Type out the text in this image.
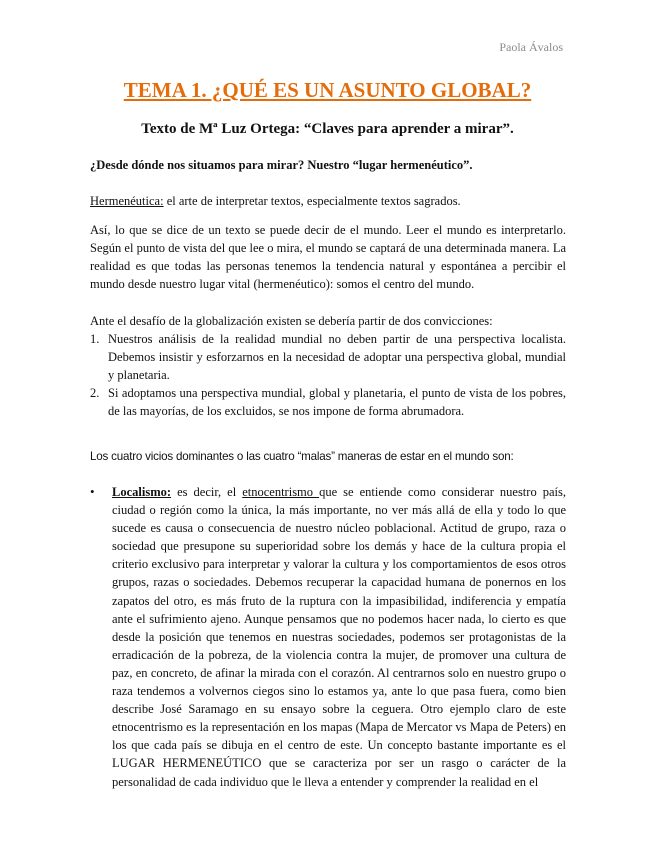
Paola Ávalos
TEMA 1. ¿QUÉ ES UN ASUNTO GLOBAL?
Texto de Mª Luz Ortega: “Claves para aprender a mirar”.
¿Desde dónde nos situamos para mirar? Nuestro “lugar hermenéutico”.
Hermenéutica: el arte de interpretar textos, especialmente textos sagrados.
Así, lo que se dice de un texto se puede decir de el mundo. Leer el mundo es interpretarlo. Según el punto de vista del que lee o mira, el mundo se captará de una determinada manera. La realidad es que todas las personas tenemos la tendencia natural y espontánea a percibir el mundo desde nuestro lugar vital (hermenéutico): somos el centro del mundo.
Ante el desafío de la globalización existen se debería partir de dos convicciones:
1. Nuestros análisis de la realidad mundial no deben partir de una perspectiva localista. Debemos insistir y esforzarnos en la necesidad de adoptar una perspectiva global, mundial y planetaria.
2. Si adoptamos una perspectiva mundial, global y planetaria, el punto de vista de los pobres, de las mayorías, de los excluidos, se nos impone de forma abrumadora.
Los cuatro vicios dominantes o las cuatro “malas” maneras de estar en el mundo son:
• Localismo: es decir, el etnocentrismo que se entiende como considerar nuestro país, ciudad o región como la única, la más importante, no ver más allá de ella y todo lo que sucede es causa o consecuencia de nuestro núcleo poblacional. Actitud de grupo, raza o sociedad que presupone su superioridad sobre los demás y hace de la cultura propia el criterio exclusivo para interpretar y valorar la cultura y los comportamientos de esos otros grupos, razas o sociedades. Debemos recuperar la capacidad humana de ponernos en los zapatos del otro, es más fruto de la ruptura con la impasibilidad, indiferencia y empatía ante el sufrimiento ajeno. Aunque pensamos que no podemos hacer nada, lo cierto es que desde la posición que tenemos en nuestras sociedades, podemos ser protagonistas de la erradicación de la pobreza, de la violencia contra la mujer, de promover una cultura de paz, en concreto, de afinar la mirada con el corazón. Al centrarnos solo en nuestro grupo o raza tendemos a volvernos ciegos sino lo estamos ya, ante lo que pasa fuera, como bien describe José Saramago en su ensayo sobre la ceguera. Otro ejemplo claro de este etnocentrismo es la representación en los mapas (Mapa de Mercator vs Mapa de Peters) en los que cada país se dibuja en el centro de este. Un concepto bastante importante es el LUGAR HERMENEÚTICO que se caracteriza por ser un rasgo o carácter de la personalidad de cada individuo que le lleva a entender y comprender la realidad en el
